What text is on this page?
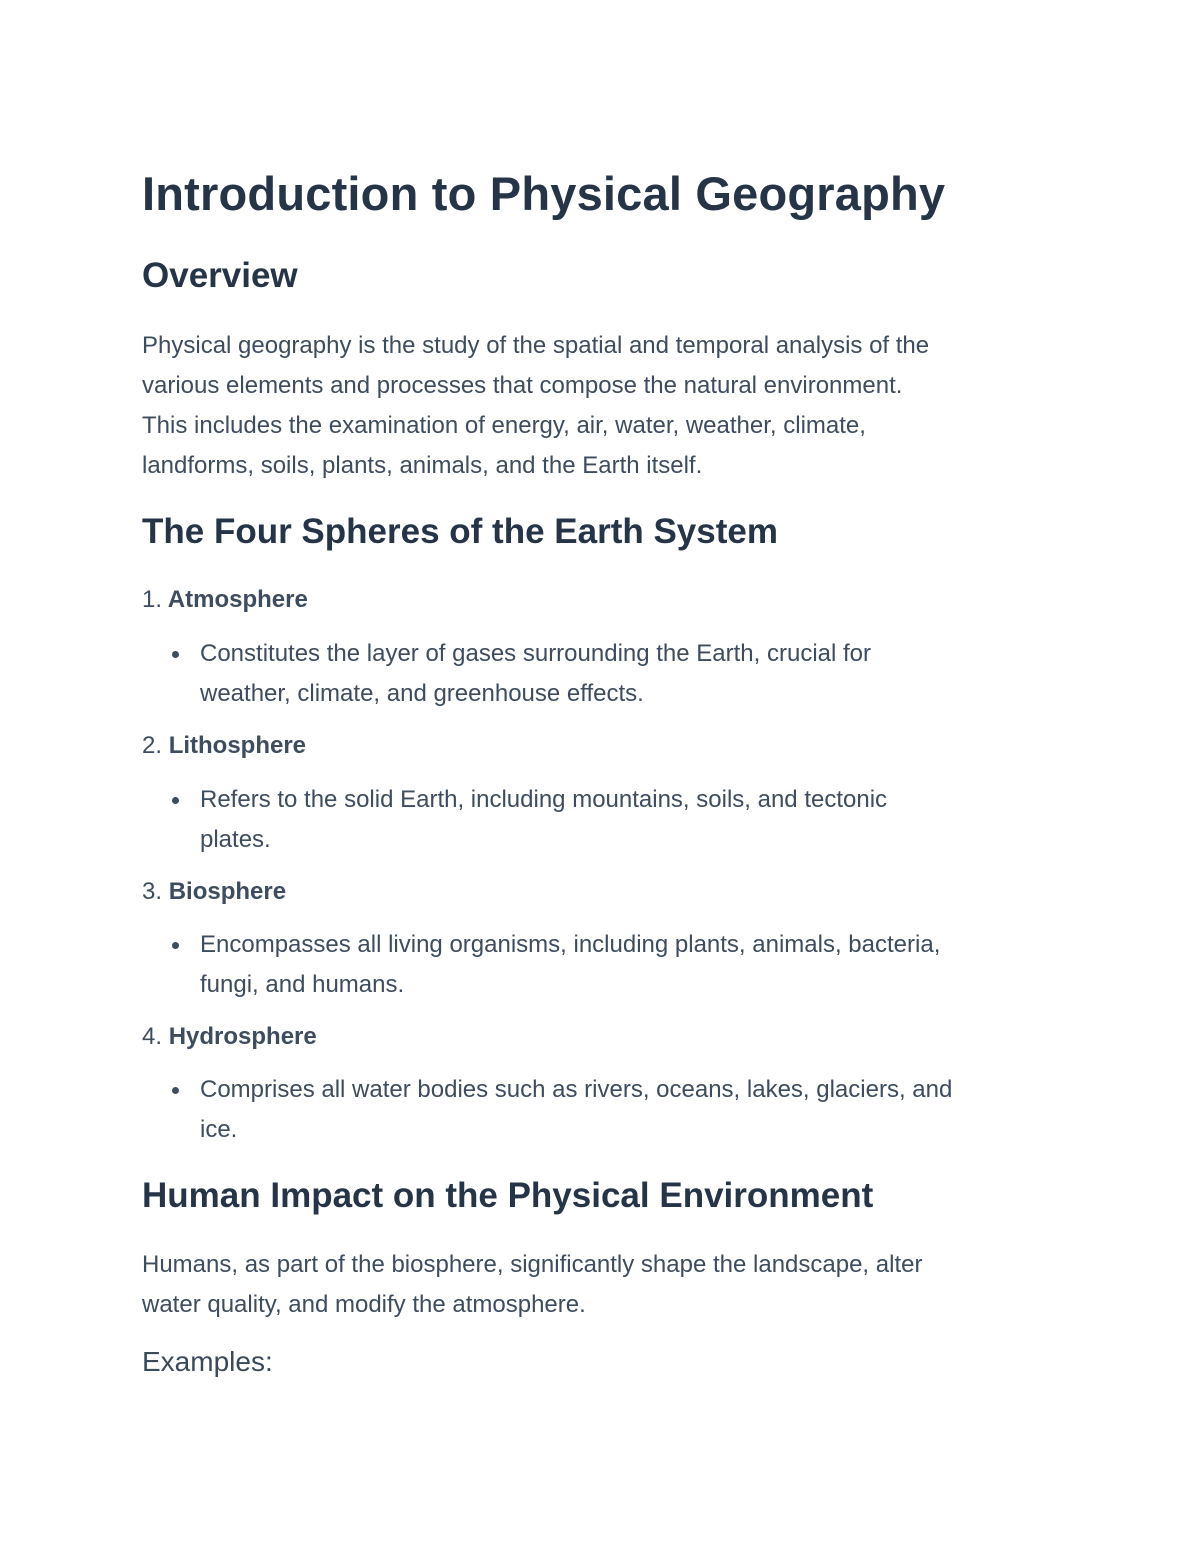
Introduction to Physical Geography
Overview

Physical geography is the study of the spatial and temporal analysis of the
various elements and processes that compose the natural environment.
This includes the examination of energy, air, water, weather, climate,
landforms, soils, plants, animals, and the Earth itself.

The Four Spheres of the Earth System

1. Atmosphere

Constitutes the layer of gases surrounding the Earth, crucial for
weather, climate, and greenhouse effects.

2. Lithosphere

Refers to the solid Earth, including mountains, soils, and tectonic
plates.

3. Biosphere

Encompasses all living organisms, including plants, animals, bacteria,
fungi, and humans.

4. Hydrosphere

Comprises all water bodies such as rivers, oceans, lakes, glaciers, and
ice.
Human Impact on the Physical Environment

Humans, as part of the biosphere, significantly shape the landscape, alter
water quality, and modify the atmosphere.

Examples:
